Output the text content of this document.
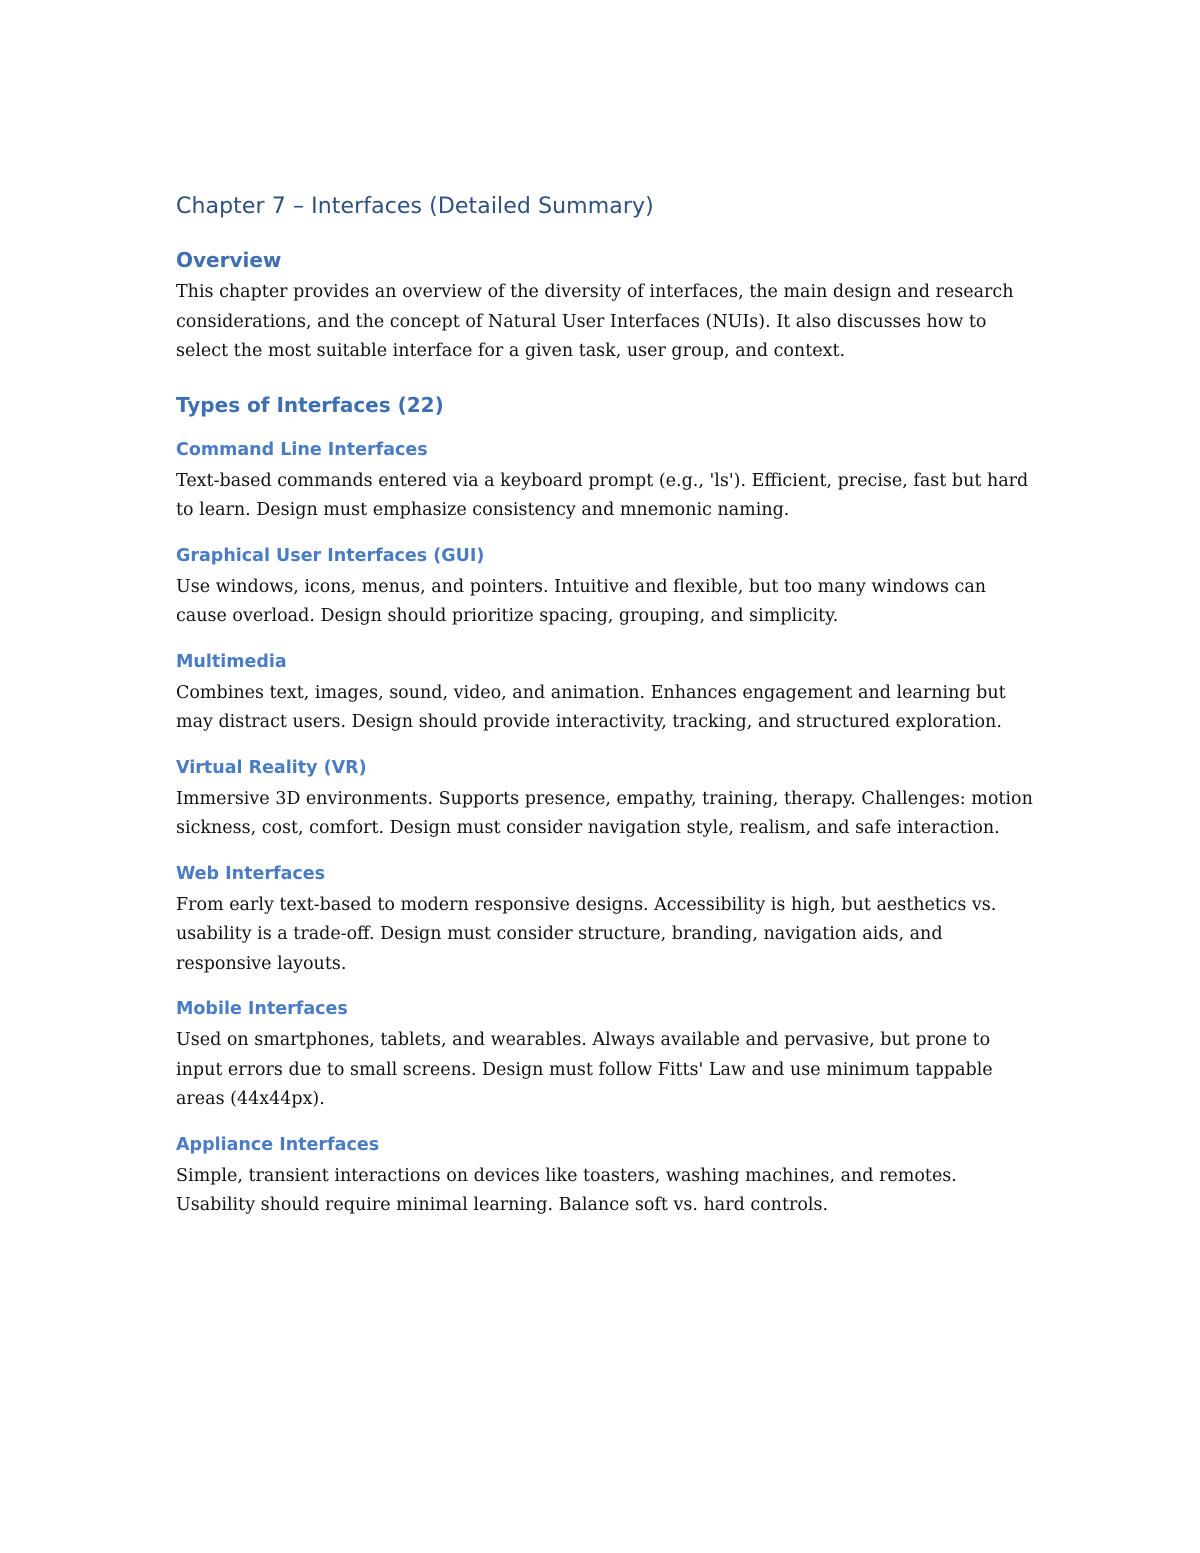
Chapter 7 – Interfaces (Detailed Summary)
Overview

This chapter provides an overview of the diversity of interfaces, the main design and research considerations, and the concept of Natural User Interfaces (NUIs). It also discusses how to select the most suitable interface for a given task, user group, and context.

Types of Interfaces (22)
Command Line Interfaces

Text-based commands entered via a keyboard prompt (e.g., 'ls'). Efficient, precise, fast but hard to learn. Design must emphasize consistency and mnemonic naming.

Graphical User Interfaces (GUI)

Use windows, icons, menus, and pointers. Intuitive and flexible, but too many windows can cause overload. Design should prioritize spacing, grouping, and simplicity.

Multimedia

Combines text, images, sound, video, and animation. Enhances engagement and learning but may distract users. Design should provide interactivity, tracking, and structured exploration.

Virtual Reality (VR)

Immersive 3D environments. Supports presence, empathy, training, therapy. Challenges: motion sickness, cost, comfort. Design must consider navigation style, realism, and safe interaction.

Web Interfaces

From early text-based to modern responsive designs. Accessibility is high, but aesthetics vs. usability is a trade-off. Design must consider structure, branding, navigation aids, and responsive layouts.

Mobile Interfaces

Used on smartphones, tablets, and wearables. Always available and pervasive, but prone to input errors due to small screens. Design must follow Fitts' Law and use minimum tappable areas (44x44px).

Appliance Interfaces

Simple, transient interactions on devices like toasters, washing machines, and remotes. Usability should require minimal learning. Balance soft vs. hard controls.
